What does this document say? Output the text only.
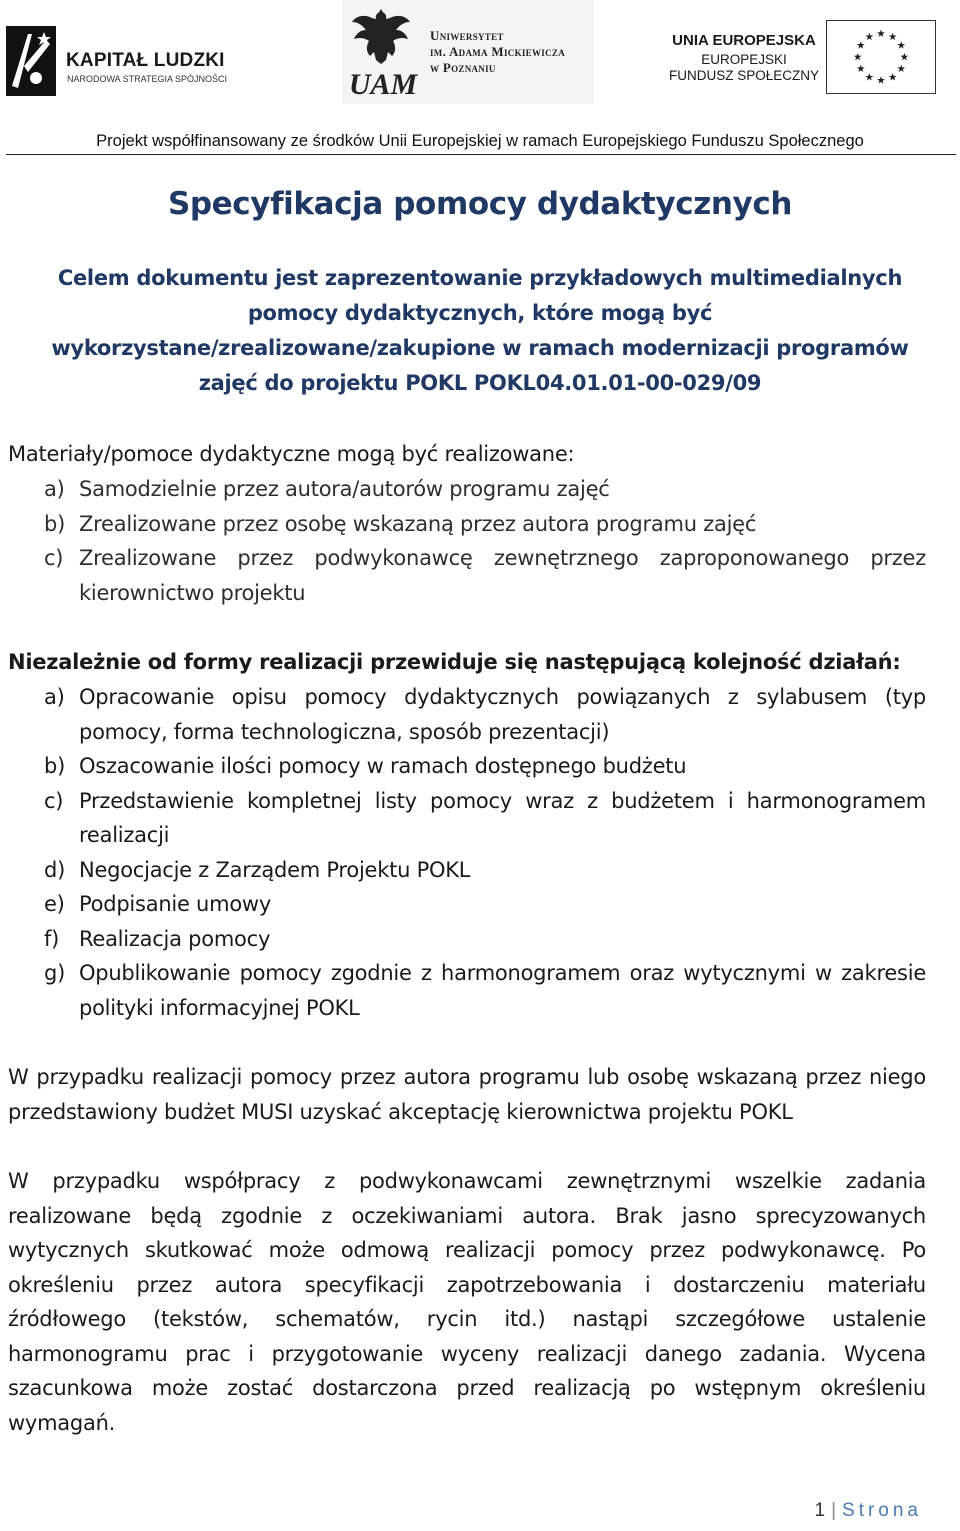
KAPITAŁ LUDZKI
NARODOWA STRATEGIA SPÓJNOŚCI	UAM
Uniwersytet
im. Adama Mickiewicza
w Poznaniu
UNIA EUROPEJSKA
EUROPEJSKI
FUNDUSZ SPOŁECZNY
Projekt współfinansowany ze środków Unii Europejskiej w ramach Europejskiego Funduszu Społecznego
Specyfikacja pomocy dydaktycznych
Celem dokumentu jest zaprezentowanie przykładowych multimedialnych
pomocy dydaktycznych, które mogą być
wykorzystane/zrealizowane/zakupione w ramach modernizacji programów
zajęć do projektu POKL POKL04.01.01-00-029/09
Materiały/pomoce dydaktyczne mogą być realizowane:
a) Samodzielnie przez autora/autorów programu zajęć
b) Zrealizowane przez osobę wskazaną przez autora programu zajęć
c) Zrealizowane przez podwykonawcę zewnętrznego zaproponowanego przez kierownictwo projektu
Niezależnie od formy realizacji przewiduje się następującą kolejność działań:
a) Opracowanie opisu pomocy dydaktycznych powiązanych z sylabusem (typ pomocy, forma technologiczna, sposób prezentacji)
b) Oszacowanie ilości pomocy w ramach dostępnego budżetu
c) Przedstawienie kompletnej listy pomocy wraz z budżetem i harmonogramem realizacji
d) Negocjacje z Zarządem Projektu POKL
e) Podpisanie umowy
f) Realizacja pomocy
g) Opublikowanie pomocy zgodnie z harmonogramem oraz wytycznymi w zakresie polityki informacyjnej POKL
W przypadku realizacji pomocy przez autora programu lub osobę wskazaną przez niego przedstawiony budżet MUSI uzyskać akceptację kierownictwa projektu POKL
W przypadku współpracy z podwykonawcami zewnętrznymi wszelkie zadania realizowane będą zgodnie z oczekiwaniami autora. Brak jasno sprecyzowanych wytycznych skutkować może odmową realizacji pomocy przez podwykonawcę. Po określeniu przez autora specyfikacji zapotrzebowania i dostarczeniu materiału źródłowego (tekstów, schematów, rycin itd.) nastąpi szczegółowe ustalenie harmonogramu prac i przygotowanie wyceny realizacji danego zadania. Wycena szacunkowa może zostać dostarczona przed realizacją po wstępnym określeniu wymagań.
1 | Strona
